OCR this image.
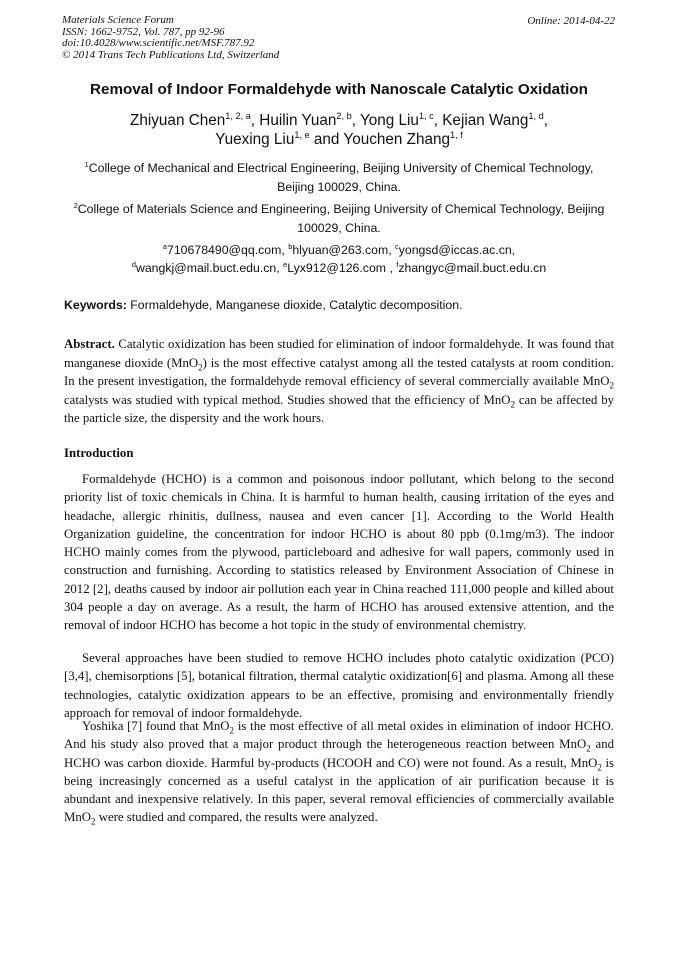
Materials Science Forum
ISSN: 1662-9752, Vol. 787, pp 92-96
doi:10.4028/www.scientific.net/MSF.787.92
© 2014 Trans Tech Publications Ltd, Switzerland
Online: 2014-04-22
Removal of Indoor Formaldehyde with Nanoscale Catalytic Oxidation
Zhiyuan Chen$^{1, 2, a}$, Huilin Yuan$^{2, b}$, Yong Liu$^{1, c}$, Kejian Wang$^{1, d}$,
Yuexing Liu$^{1, e}$ and Youchen Zhang$^{1, f}$
$^1$College of Mechanical and Electrical Engineering, Beijing University of Chemical Technology,
Beijing 100029, China.
$^2$College of Materials Science and Engineering, Beijing University of Chemical Technology, Beijing
100029, China.
$^a$710678490@qq.com, $^b$hlyuan@263.com, $^c$yongsd@iccas.ac.cn,
$^d$wangkj@mail.buct.edu.cn, $^e$Lyx912@126.com , $^f$zhangyc@mail.buct.edu.cn
Keywords: Formaldehyde, Manganese dioxide, Catalytic decomposition.
Abstract. Catalytic oxidization has been studied for elimination of indoor formaldehyde. It was found that manganese dioxide (MnO$_2$) is the most effective catalyst among all the tested catalysts at room condition. In the present investigation, the formaldehyde removal efficiency of several commercially available MnO$_2$ catalysts was studied with typical method. Studies showed that the efficiency of MnO$_2$ can be affected by the particle size, the dispersity and the work hours.
Introduction

Formaldehyde (HCHO) is a common and poisonous indoor pollutant, which belong to the second priority list of toxic chemicals in China. It is harmful to human health, causing irritation of the eyes and headache, allergic rhinitis, dullness, nausea and even cancer [1]. According to the World Health Organization guideline, the concentration for indoor HCHO is about 80 ppb (0.1mg/m3). The indoor HCHO mainly comes from the plywood, particleboard and adhesive for wall papers, commonly used in construction and furnishing. According to statistics released by Environment Association of Chinese in 2012 [2], deaths caused by indoor air pollution each year in China reached 111,000 people and killed about 304 people a day on average. As a result, the harm of HCHO has aroused extensive attention, and the removal of indoor HCHO has become a hot topic in the study of environmental chemistry.

Several approaches have been studied to remove HCHO includes photo catalytic oxidization (PCO) [3,4], chemisorptions [5], botanical filtration, thermal catalytic oxidization[6] and plasma. Among all these technologies, catalytic oxidization appears to be an effective, promising and environmentally friendly approach for removal of indoor formaldehyde.

Yoshika [7] found that MnO$_2$ is the most effective of all metal oxides in elimination of indoor HCHO. And his study also proved that a major product through the heterogeneous reaction between MnO$_2$ and HCHO was carbon dioxide. Harmful by-products (HCOOH and CO) were not found. As a result, MnO$_2$ is being increasingly concerned as a useful catalyst in the application of air purification because it is abundant and inexpensive relatively. In this paper, several removal efficiencies of commercially available MnO$_2$ were studied and compared, the results were analyzed.
